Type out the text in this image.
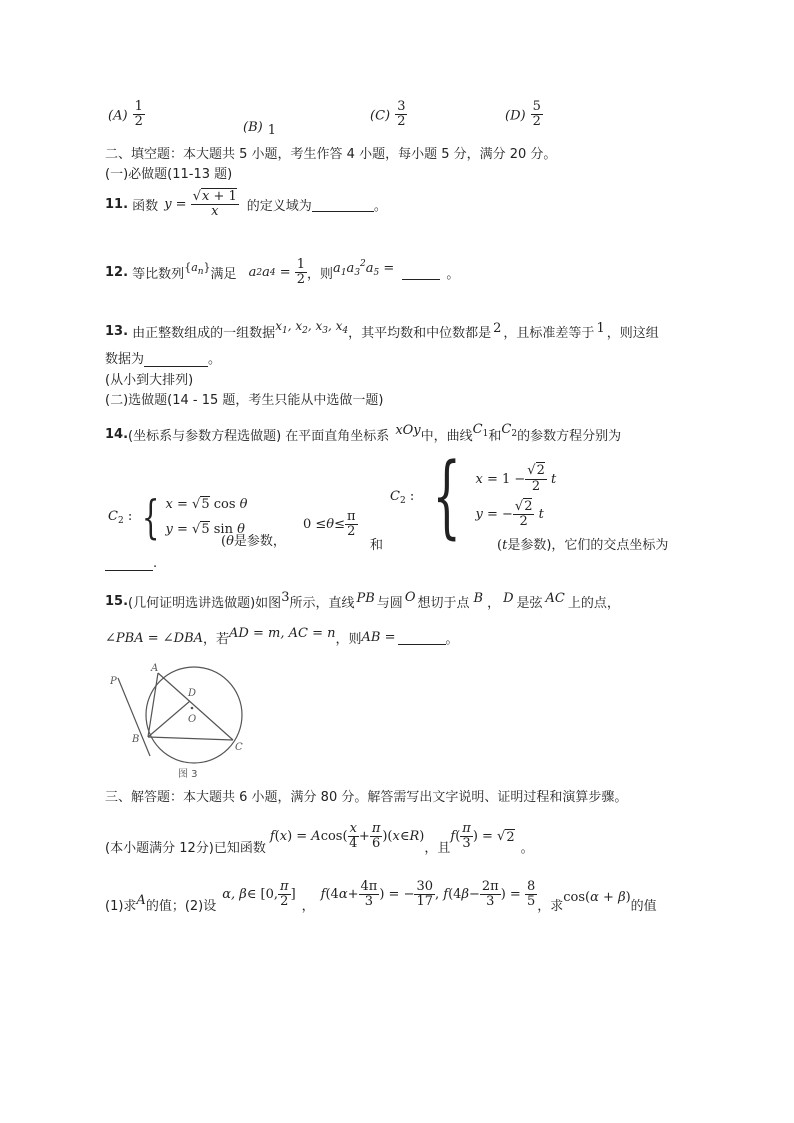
$(A) \frac{1}{2}$	(B) 1
$(C) \frac{3}{2}$	$(D) \frac{5}{2}$
二、填空题：本大题共 5 小题，考生作答 4 小题，每小题 5 分，满分 20 分。
(一)必做题(11-13 题)
11.
函数 y =
$\frac{√x + 1}{x}$ 的定义域为	。
12.
等比数列 $\{a_n\}$ 满足 a 2 a 4
=
$\frac{1}{2}$ ，则 $a_1a_3^2a_5$ =	。
13.
由正整数组成的一组数据 $x_1$, $x_2$, $x_3$, $x_4$ ，其平均数和中位数都是 2 ，且标准差等于 1 ，则这组
数据为	。
(从小到大排列)
(二)选做题(14 - 15 题，考生只能从中选做一题)
14. (坐标系与参数方程选做题) 在平面直角坐标系 xOy 中，曲线 $C_1$ 和 $C_2$ 的参数方程分别为
$C_2$ : { x = √5 cos θ
y = √5 sin θ
(θ是参数，
$0 \le \theta \le \frac{\pi}{2}$
和
$C_2$ : { $x = 1 - \frac{√2}{2}$ t
y = − $\frac{√2}{2}$ t
(t是参数)，它们的交点坐标为
.
15. (几何证明选讲选做题)如图 3 所示，直线 PB 与圆 O 想切于点 B ， D 是弦 AC 上的点，
∠PBA = ∠DBA ，若 AD = m, AC = n ，则 AB =	。
P
A
D
O
B
C
图 3
三、解答题：本大题共 6 小题，满分 80 分。解答需写出文字说明、证明过程和演算步骤。
(本小题满分 12分)已知函数
f ( x ) = A $\cos( \frac{x}{4} + \frac{\pi}{6}$ )( x ∈ R )
，且
f ( $\frac{\pi}{3}$ ) = √ 2
。
(1)求 A 的值；(2)设
α, β ∈ [0, $\frac{\pi}{2}$ ]
，
f (4 $\alpha + \frac{4\pi}{3}$ ) = − $\frac{30}{17}$ , f (4 $\beta - \frac{2\pi}{3}$ ) =
$\frac{8}{5}$ ，求
cos(α + β)
的值
